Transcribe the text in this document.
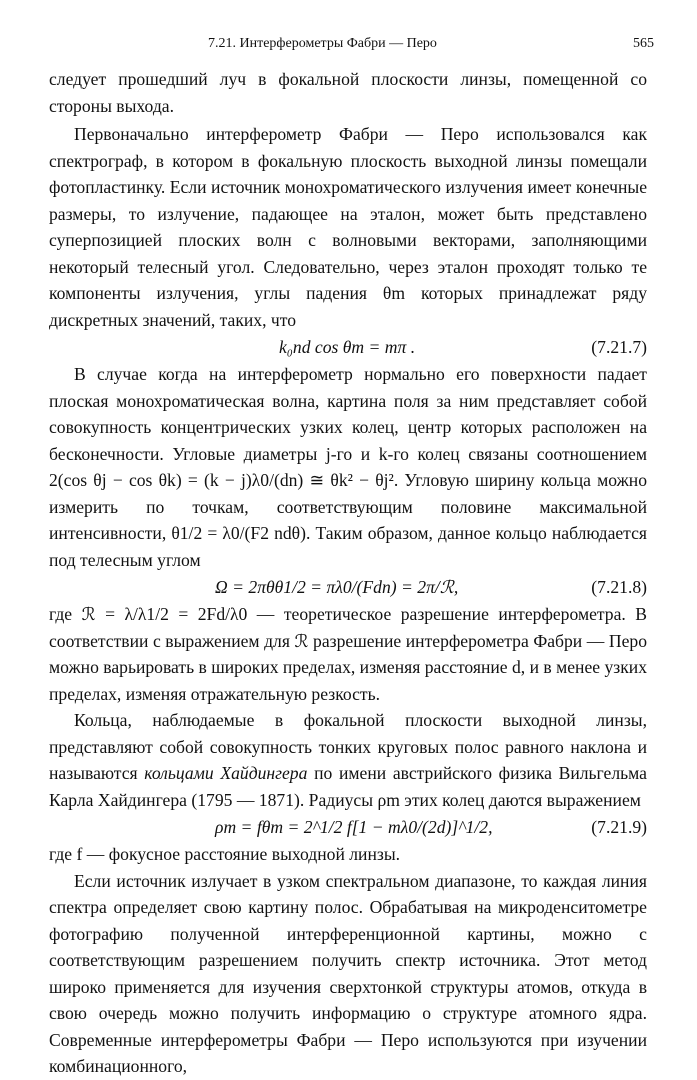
7.21. Интерферометры Фабри — Перо	565

следует прошедший луч в фокальной плоскости линзы, помещенной со стороны выхода.

Первоначально интерферометр Фабри — Перо использовался как спектрограф, в котором в фокальную плоскость выходной линзы помещали фотопластинку. Если источник монохроматического излучения имеет конечные размеры, то излучение, падающее на эталон, может быть представлено суперпозицией плоских волн с волновыми векторами, заполняющими некоторый телесный угол. Следовательно, через эталон проходят только те компоненты излучения, углы падения θm которых принадлежат ряду дискретных значений, таких, что

k₀nd cos θm = mπ .	(7.21.7)

В случае когда на интерферометр нормально его поверхности падает плоская монохроматическая волна, картина поля за ним представляет собой совокупность концентрических узких колец, центр которых расположен на бесконечности. Угловые диаметры j-го и k-го колец связаны соотношением 2(cos θj − cos θk) = (k − j)λ0/(dn) ≅ θk² − θj². Угловую ширину кольца можно измерить по точкам, соответствующим половине максимальной интенсивности, θ1/2 = λ0/(F2 ndθ). Таким образом, данное кольцо наблюдается под телесным углом

Ω = 2πθθ1/2 = πλ0/(Fdn) = 2π/ℛ,	(7.21.8)

где ℛ = λ/λ1/2 = 2Fd/λ0 — теоретическое разрешение интерферометра. В соответствии с выражением для ℛ разрешение интерферометра Фабри — Перо можно варьировать в широких пределах, изменяя расстояние d, и в менее узких пределах, изменяя отражательную резкость.

Кольца, наблюдаемые в фокальной плоскости выходной линзы, представляют собой совокупность тонких круговых полос равного наклона и называются кольцами Хайдингера по имени австрийского физика Вильгельма Карла Хайдингера (1795 — 1871). Радиусы ρm этих колец даются выражением

ρm = fθm = 2^1/2 f[1 − mλ0/(2d)]^1/2,	(7.21.9)

где f — фокусное расстояние выходной линзы.

Если источник излучает в узком спектральном диапазоне, то каждая линия спектра определяет свою картину полос. Обрабатывая на микроденситометре фотографию полученной интерференционной картины, можно с соответствующим разрешением получить спектр источника. Этот метод широко применяется для изучения сверхтонкой структуры атомов, откуда в свою очередь можно получить информацию о структуре атомного ядра. Современные интерферометры Фабри — Перо используются при изучении комбинационного,
